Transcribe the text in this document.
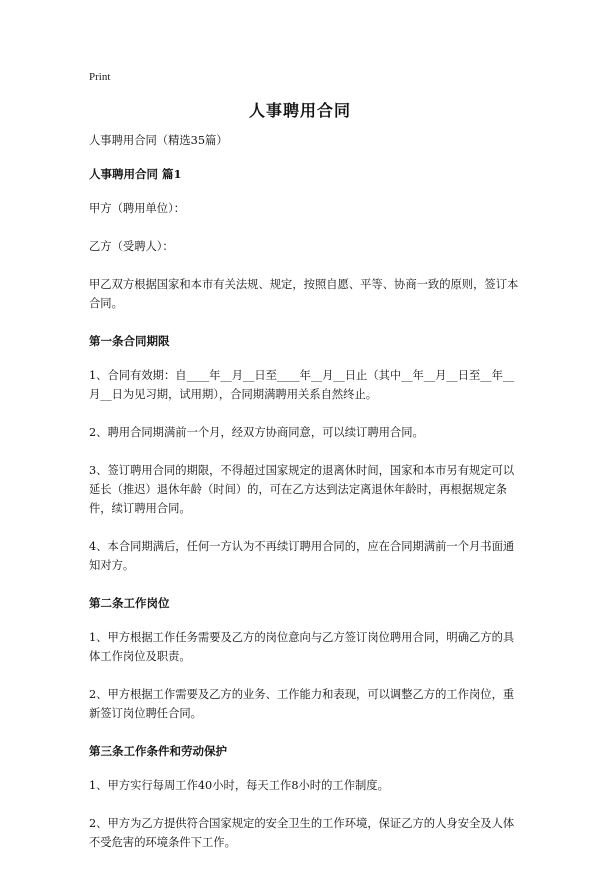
Print
人事聘用合同

人事聘用合同（精选35篇）

人事聘用合同 篇1

甲方（聘用单位）：

乙方（受聘人）：

甲乙双方根据国家和本市有关法规、规定，按照自愿、平等、协商一致的原则，签订本合同。

第一条合同期限

1、合同有效期：自____年__月__日至____年__月__日止（其中__年__月__日至__年__月__日为见习期，试用期），合同期满聘用关系自然终止。

2、聘用合同期满前一个月，经双方协商同意，可以续订聘用合同。

3、签订聘用合同的期限，不得超过国家规定的退离休时间，国家和本市另有规定可以延长（推迟）退休年龄（时间）的，可在乙方达到法定离退休年龄时，再根据规定条件，续订聘用合同。

4、本合同期满后，任何一方认为不再续订聘用合同的，应在合同期满前一个月书面通知对方。

第二条工作岗位

1、甲方根据工作任务需要及乙方的岗位意向与乙方签订岗位聘用合同，明确乙方的具体工作岗位及职责。

2、甲方根据工作需要及乙方的业务、工作能力和表现，可以调整乙方的工作岗位，重新签订岗位聘任合同。

第三条工作条件和劳动保护

1、甲方实行每周工作40小时，每天工作8小时的工作制度。

2、甲方为乙方提供符合国家规定的安全卫生的工作环境，保证乙方的人身安全及人体不受危害的环境条件下工作。
